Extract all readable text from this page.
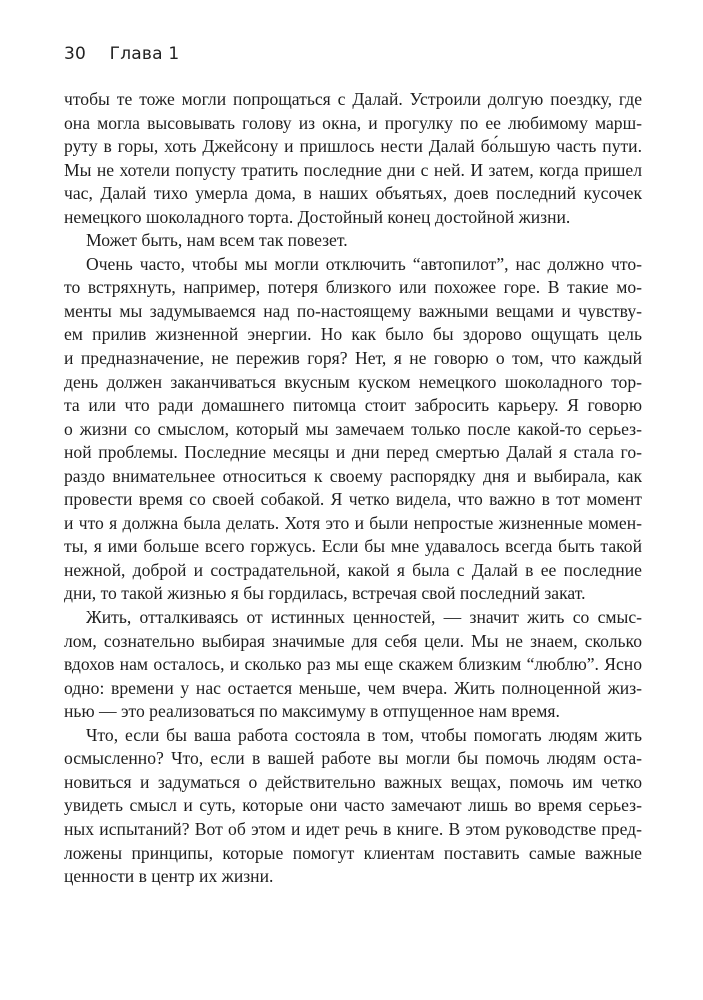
30 Глава 1

чтобы те тоже могли попрощаться с Далай. Устроили долгую поездку, где
она могла высовывать голову из окна, и прогулку по ее любимому марш-
руту в горы, хоть Джейсону и пришлось нести Далай бо́льшую часть пути.
Мы не хотели попусту тратить последние дни с ней. И затем, когда пришел
час, Далай тихо умерла дома, в наших объятьях, доев последний кусочек
немецкого шоколадного торта. Достойный конец достойной жизни.

Может быть, нам всем так повезет.

Очень часто, чтобы мы могли отключить “автопилот”, нас должно что-
то встряхнуть, например, потеря близкого или похожее горе. В такие мо-
менты мы задумываемся над по-настоящему важными вещами и чувству-
ем прилив жизненной энергии. Но как было бы здорово ощущать цель
и предназначение, не пережив горя? Нет, я не говорю о том, что каждый
день должен заканчиваться вкусным куском немецкого шоколадного тор-
та или что ради домашнего питомца стоит забросить карьеру. Я говорю
о жизни со смыслом, который мы замечаем только после какой-то серьез-
ной проблемы. Последние месяцы и дни перед смертью Далай я стала го-
раздо внимательнее относиться к своему распорядку дня и выбирала, как
провести время со своей собакой. Я четко видела, что важно в тот момент
и что я должна была делать. Хотя это и были непростые жизненные момен-
ты, я ими больше всего горжусь. Если бы мне удавалось всегда быть такой
нежной, доброй и сострадательной, какой я была с Далай в ее последние
дни, то такой жизнью я бы гордилась, встречая свой последний закат.

Жить, отталкиваясь от истинных ценностей, — значит жить со смыс-
лом, сознательно выбирая значимые для себя цели. Мы не знаем, сколько
вдохов нам осталось, и сколько раз мы еще скажем близким “люблю”. Ясно
одно: времени у нас остается меньше, чем вчера. Жить полноценной жиз-
нью — это реализоваться по максимуму в отпущенное нам время.

Что, если бы ваша работа состояла в том, чтобы помогать людям жить
осмысленно? Что, если в вашей работе вы могли бы помочь людям оста-
новиться и задуматься о действительно важных вещах, помочь им четко
увидеть смысл и суть, которые они часто замечают лишь во время серьез-
ных испытаний? Вот об этом и идет речь в книге. В этом руководстве пред-
ложены принципы, которые помогут клиентам поставить самые важные
ценности в центр их жизни.
